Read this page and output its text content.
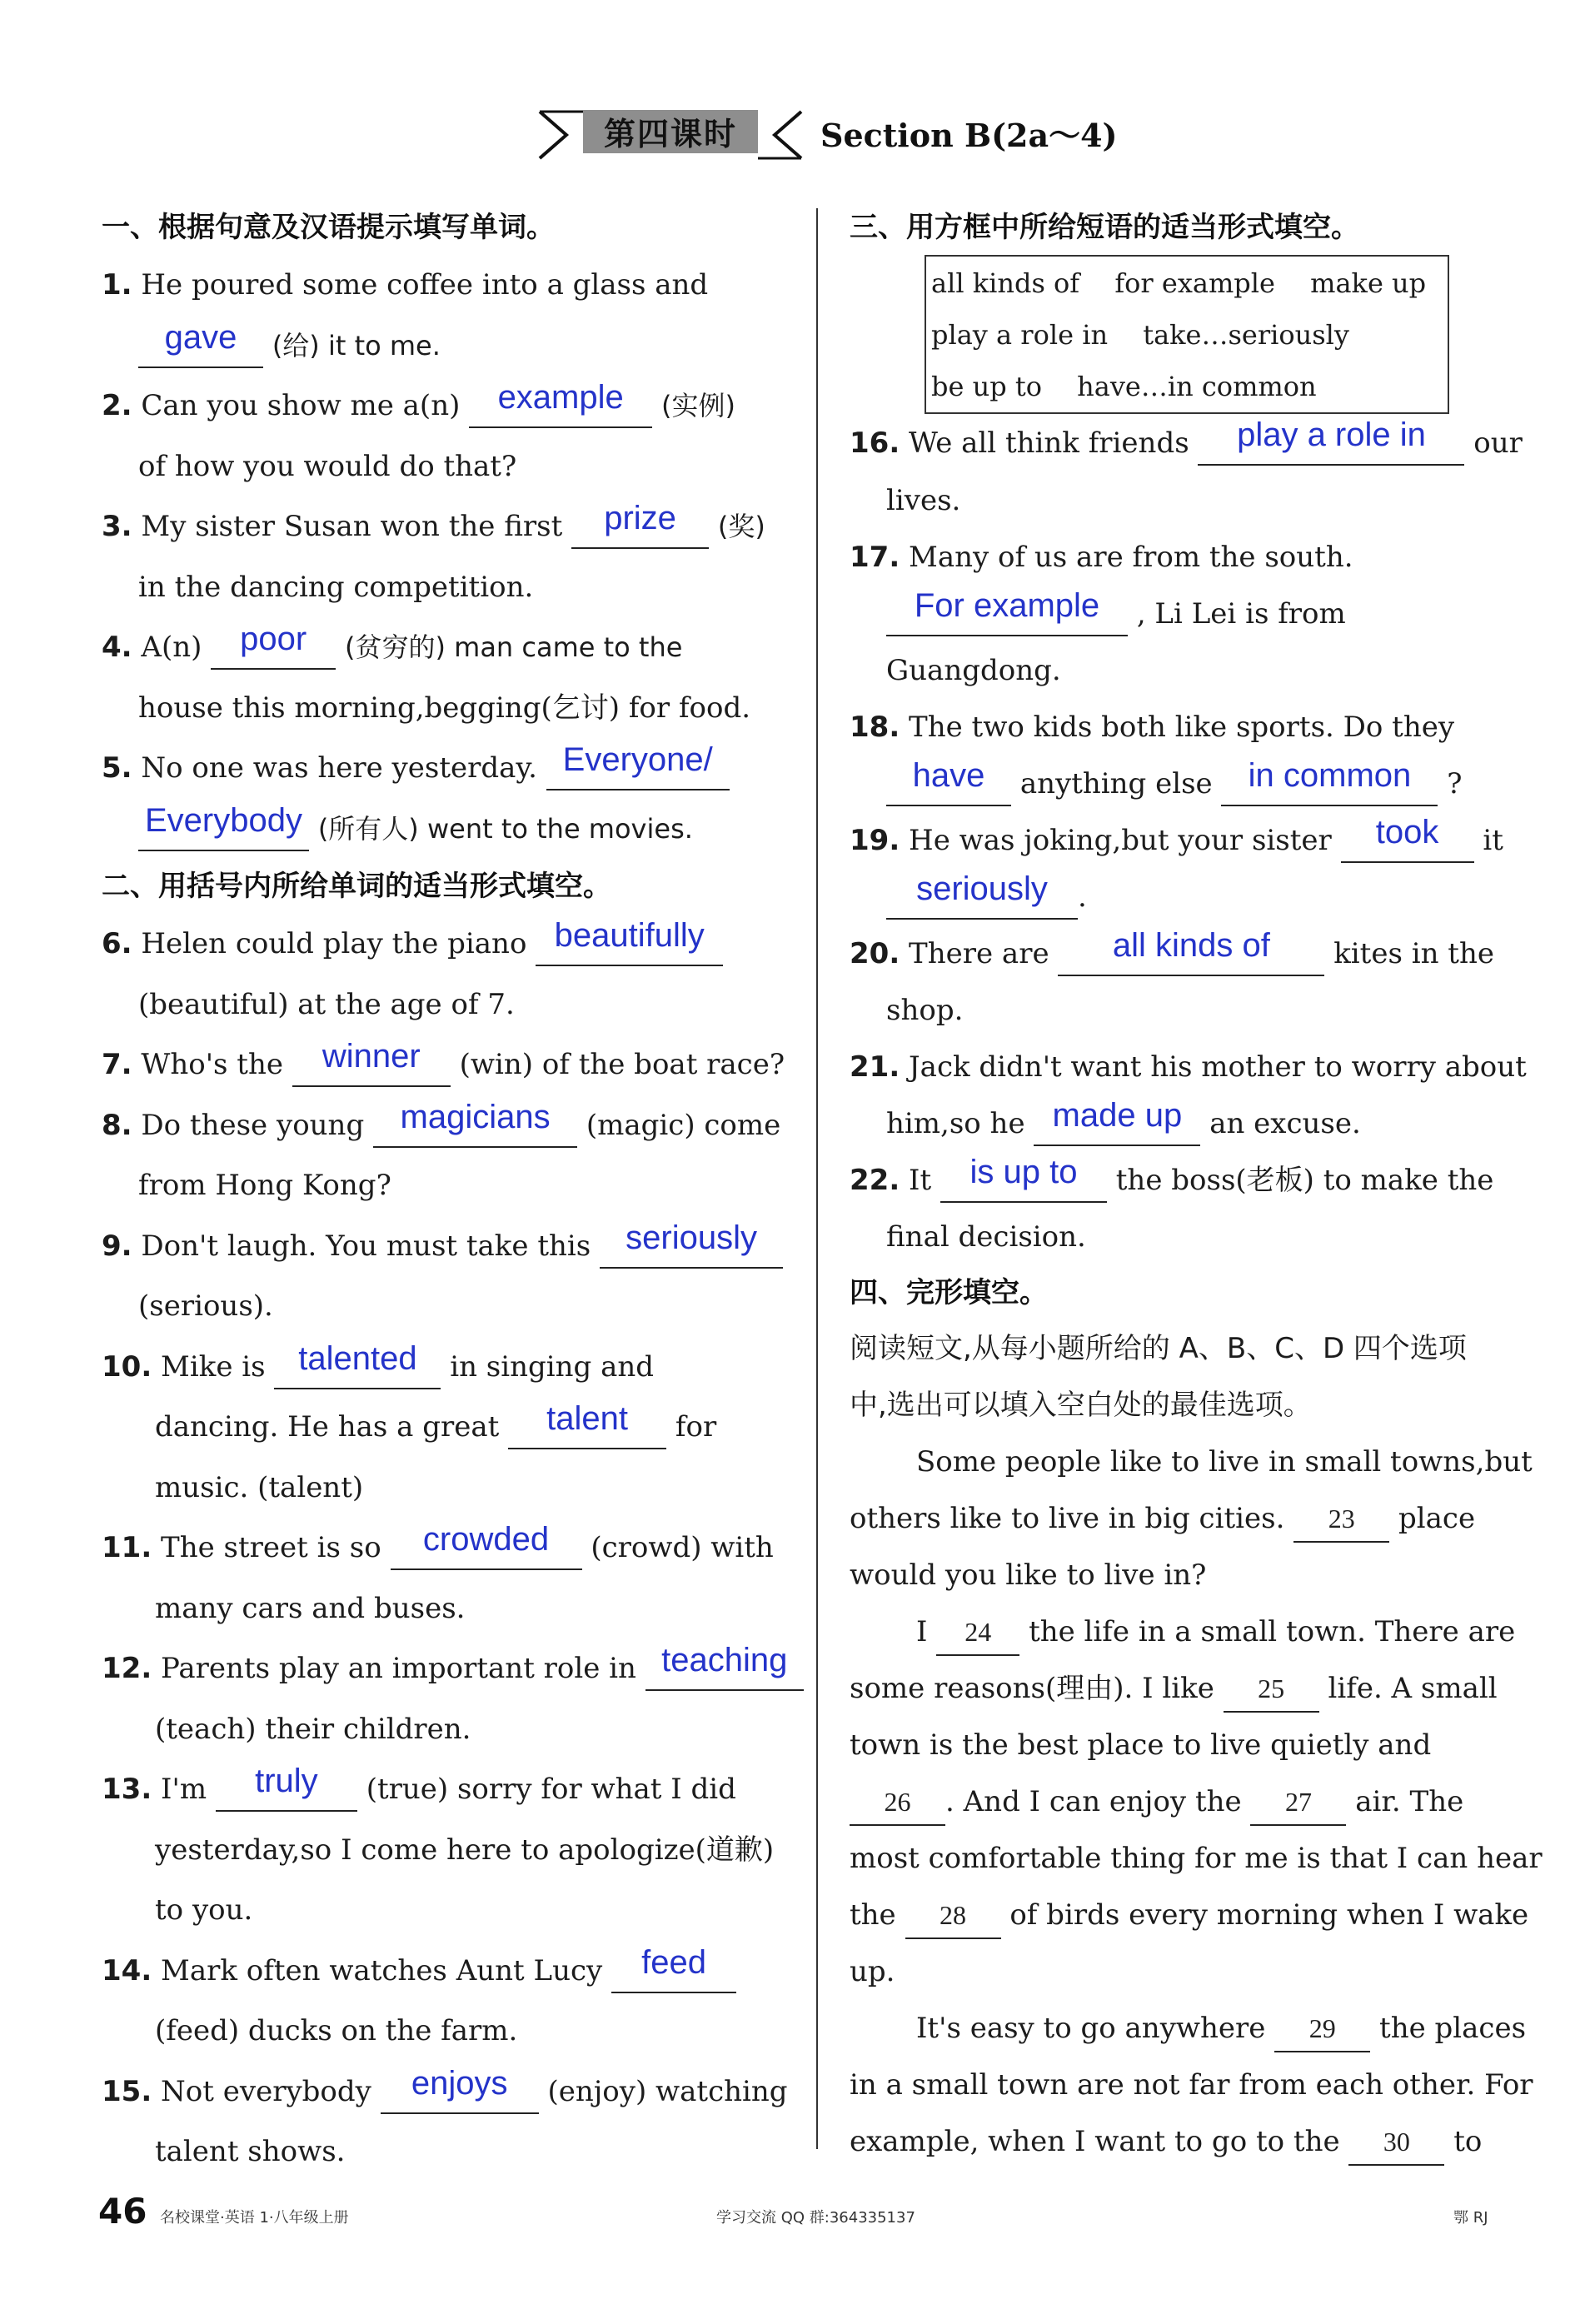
第四课时	Section B(2a～4)
一、根据句意及汉语提示填写单词。
1. He poured some coffee into a glass and
gave (给) it to me.
2. Can you show me a(n) example (实例)
of how you would do that?
3. My sister Susan won the first prize (奖)
in the dancing competition.
4. A(n) poor (贫穷的) man came to the
house this morning,begging(乞讨) for food.
5. No one was here yesterday. Everyone/
Everybody (所有人) went to the movies.
二、用括号内所给单词的适当形式填空。
6. Helen could play the piano beautifully
(beautiful) at the age of 7.
7. Who's the winner (win) of the boat race?
8. Do these young magicians (magic) come
from Hong Kong?
9. Don't laugh. You must take this seriously
(serious).
10. Mike is talented in singing and
dancing. He has a great talent for
music. (talent)
11. The street is so crowded (crowd) with
many cars and buses.
12. Parents play an important role in teaching
(teach) their children.
13. I'm truly (true) sorry for what I did
yesterday,so I come here to apologize(道歉)
to you.
14. Mark often watches Aunt Lucy feed
(feed) ducks on the farm.
15. Not everybody enjoys (enjoy) watching
talent shows.
三、用方框中所给短语的适当形式填空。
all kinds of for example make up
play a role in take…seriously
be up to have…in common
16. We all think friends play a role in our
lives.
17. Many of us are from the south.
For example , Li Lei is from
Guangdong.
18. The two kids both like sports. Do they
have anything else in common ?
19. He was joking,but your sister took it
seriously .
20. There are all kinds of kites in the
shop.
21. Jack didn't want his mother to worry about
him,so he made up an excuse.
22. It is up to the boss(老板) to make the
final decision.
四、完形填空。
阅读短文,从每小题所给的 A、B、C、D 四个选项
中,选出可以填入空白处的最佳选项。
Some people like to live in small towns,but
others like to live in big cities. 23 place
would you like to live in?
I 24 the life in a small town. There are
some reasons(理由). I like 25 life. A small
town is the best place to live quietly and
26 . And I can enjoy the 27 air. The
most comfortable thing for me is that I can hear
the 28 of birds every morning when I wake
up.
It's easy to go anywhere 29 the places
in a small town are not far from each other. For
example, when I want to go to the 30 to
46 名校课堂·英语 1·八年级上册	学习交流 QQ 群:364335137	鄂 RJ
